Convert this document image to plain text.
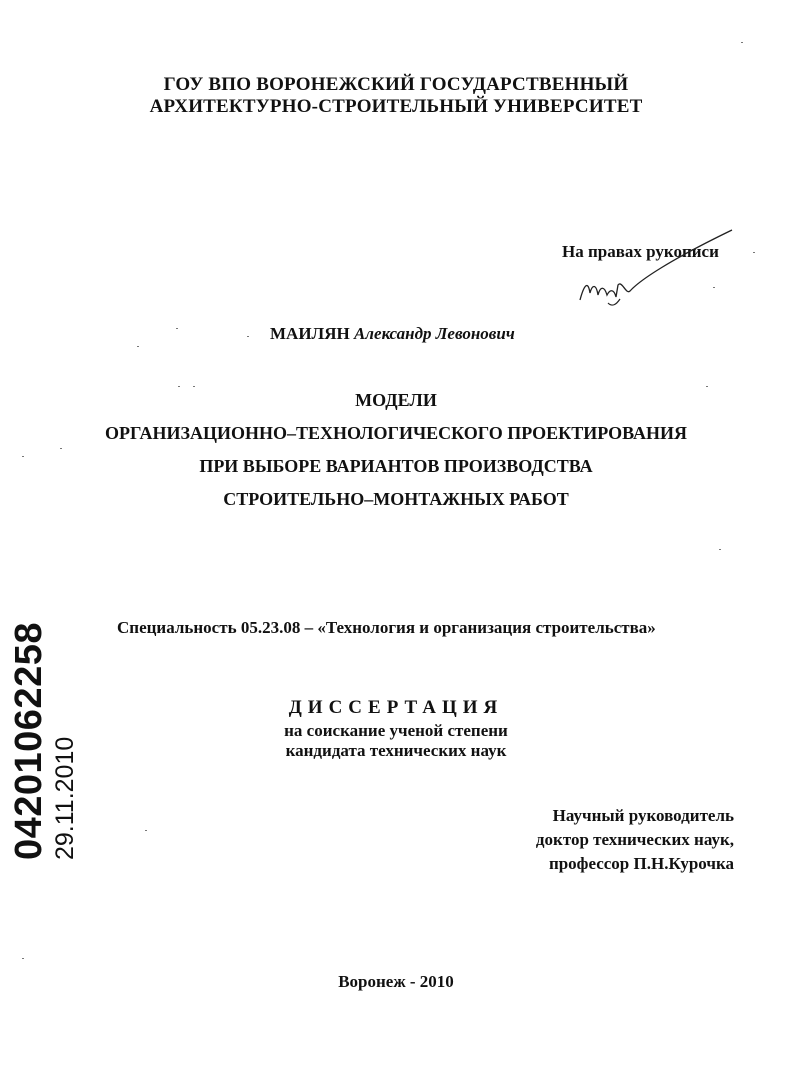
ГОУ ВПО ВОРОНЕЖСКИЙ ГОСУДАРСТВЕННЫЙ
АРХИТЕКТУРНО-СТРОИТЕЛЬНЫЙ УНИВЕРСИТЕТ
На правах рукописи
МАИЛЯН Александр Левонович
МОДЕЛИ
ОРГАНИЗАЦИОННО–ТЕХНОЛОГИЧЕСКОГО ПРОЕКТИРОВАНИЯ
ПРИ ВЫБОРЕ ВАРИАНТОВ ПРОИЗВОДСТВА
СТРОИТЕЛЬНО–МОНТАЖНЫХ РАБОТ
Специальность 05.23.08 – «Технология и организация строительства»
ДИССЕРТАЦИЯ
на соискание ученой степени
кандидата технических наук
Научный руководитель
доктор технических наук,
профессор П.Н.Курочка
Воронеж - 2010
04201062258 29.11.2010
